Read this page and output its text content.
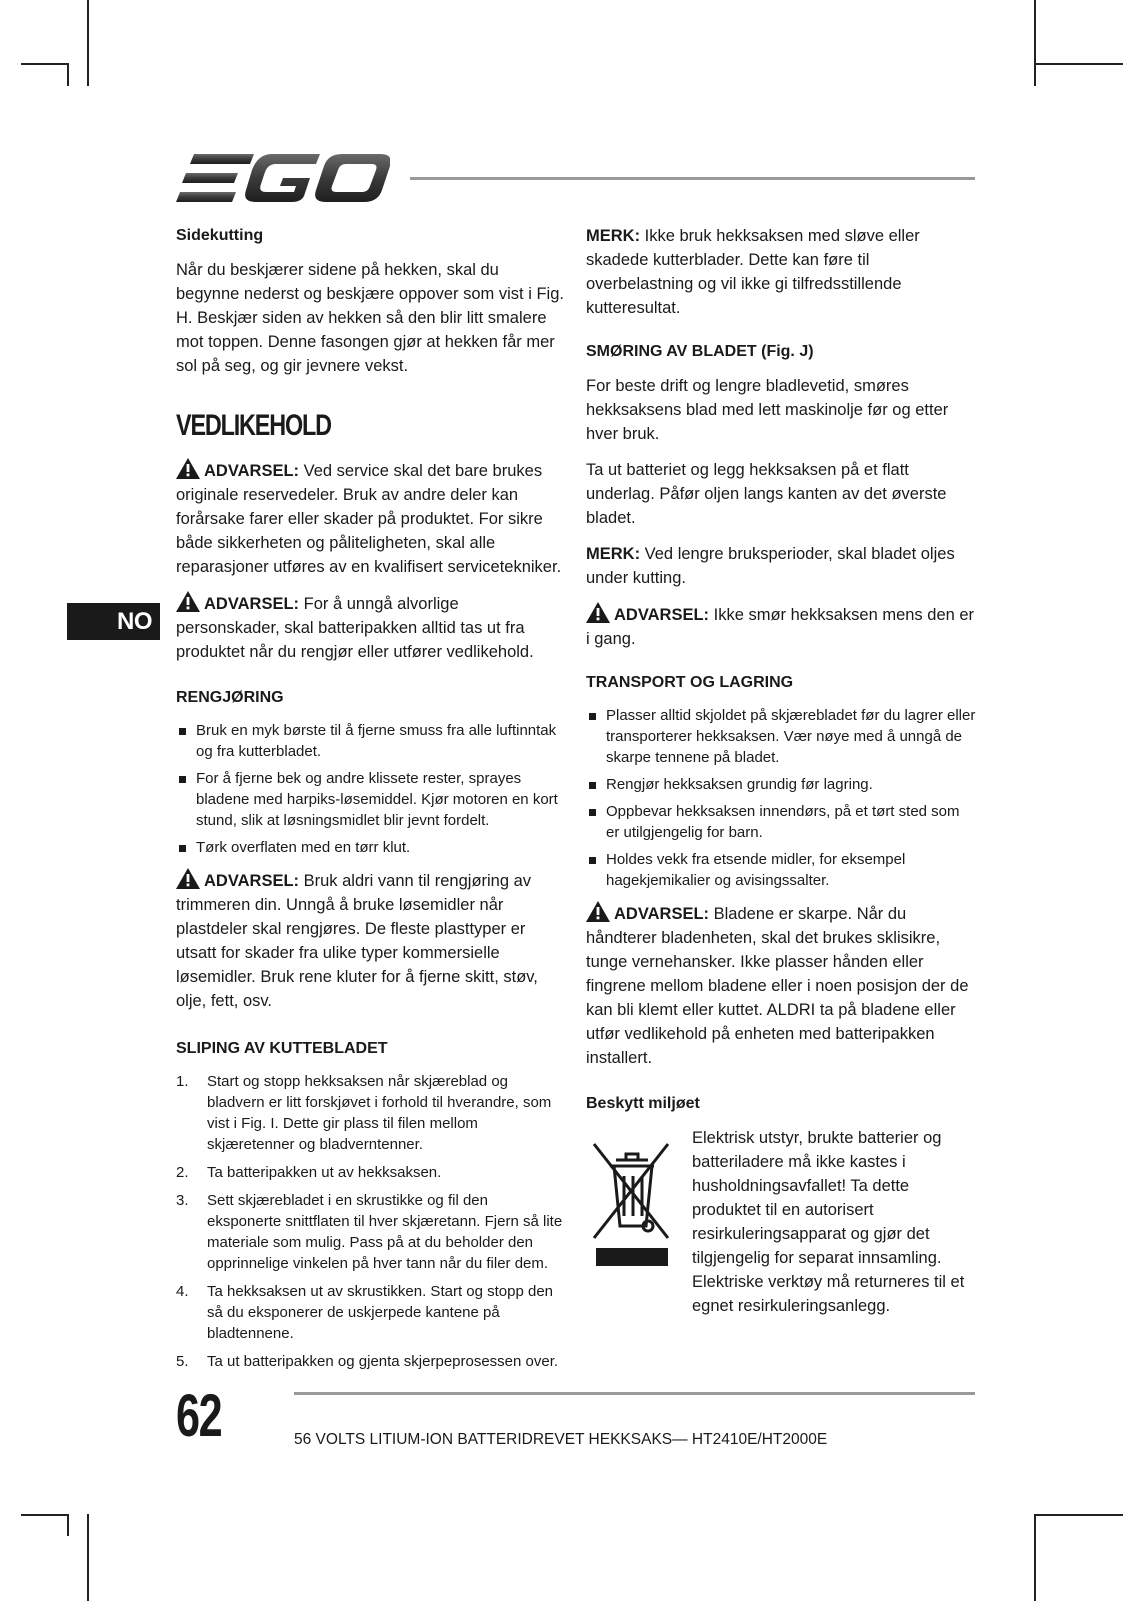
NO
Sidekutting

Når du beskjærer sidene på hekken, skal du begynne nederst og beskjære oppover som vist i Fig. H. Beskjær siden av hekken så den blir litt smalere mot toppen. Denne fasongen gjør at hekken får mer sol på seg, og gir jevnere vekst.

VEDLIKEHOLD

ADVARSEL: Ved service skal det bare brukes originale reservedeler. Bruk av andre deler kan forårsake farer eller skader på produktet. For sikre både sikkerheten og påliteligheten, skal alle reparasjoner utføres av en kvalifisert servicetekniker.

ADVARSEL: For å unngå alvorlige personskader, skal batteripakken alltid tas ut fra produktet når du rengjør eller utfører vedlikehold.

RENGJØRING
Bruk en myk børste til å fjerne smuss fra alle luftinntak og fra kutterbladet.
For å fjerne bek og andre klissete rester, sprayes bladene med harpiks-løsemiddel. Kjør motoren en kort stund, slik at løsningsmidlet blir jevnt fordelt.
Tørk overflaten med en tørr klut.

ADVARSEL: Bruk aldri vann til rengjøring av trimmeren din. Unngå å bruke løsemidler når plastdeler skal rengjøres. De fleste plasttyper er utsatt for skader fra ulike typer kommersielle løsemidler. Bruk rene kluter for å fjerne skitt, støv, olje, fett, osv.

SLIPING AV KUTTEBLADET
1. Start og stopp hekksaksen når skjæreblad og bladvern er litt forskjøvet i forhold til hverandre, som vist i Fig. I. Dette gir plass til filen mellom skjæretenner og bladverntenner.
2. Ta batteripakken ut av hekksaksen.
3. Sett skjærebladet i en skrustikke og fil den eksponerte snittflaten til hver skjæretann. Fjern så lite materiale som mulig. Pass på at du beholder den opprinnelige vinkelen på hver tann når du filer dem.
4. Ta hekksaksen ut av skrustikken. Start og stopp den så du eksponerer de uskjerpede kantene på bladtennene.
5. Ta ut batteripakken og gjenta skjerpeprosessen over.

MERK: Ikke bruk hekksaksen med sløve eller skadede kutterblader. Dette kan føre til overbelastning og vil ikke gi tilfredsstillende kutteresultat.

SMØRING AV BLADET (Fig. J)

For beste drift og lengre bladlevetid, smøres hekksaksens blad med lett maskinolje før og etter hver bruk.

Ta ut batteriet og legg hekksaksen på et flatt underlag. Påfør oljen langs kanten av det øverste bladet.

MERK: Ved lengre bruksperioder, skal bladet oljes under kutting.

ADVARSEL: Ikke smør hekksaksen mens den er i gang.

TRANSPORT OG LAGRING
Plasser alltid skjoldet på skjærebladet før du lagrer eller transporterer hekksaksen. Vær nøye med å unngå de skarpe tennene på bladet.
Rengjør hekksaksen grundig før lagring.
Oppbevar hekksaksen innendørs, på et tørt sted som er utilgjengelig for barn.
Holdes vekk fra etsende midler, for eksempel hagekjemikalier og avisingssalter.

ADVARSEL: Bladene er skarpe. Når du håndterer bladenheten, skal det brukes sklisikre, tunge vernehansker. Ikke plasser hånden eller fingrene mellom bladene eller i noen posisjon der de kan bli klemt eller kuttet. ALDRI ta på bladene eller utfør vedlikehold på enheten med batteripakken installert.

Beskytt miljøet
Elektrisk utstyr, brukte batterier og batteriladere må ikke kastes i husholdningsavfallet! Ta dette produktet til en autorisert resirkuleringsapparat og gjør det tilgjengelig for separat innsamling. Elektriske verktøy må returneres til et egnet resirkuleringsanlegg.
62	56 VOLTS LITIUM-ION BATTERIDREVET HEKKSAKS— HT2410E/HT2000E
